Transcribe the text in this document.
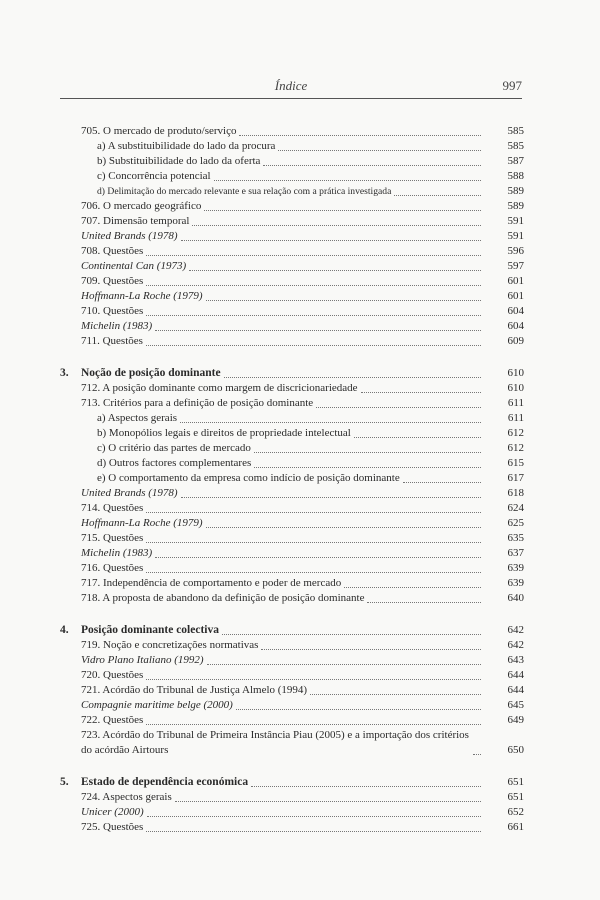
Índice	997
705. O mercado de produto/serviço	585
a) A substituibilidade do lado da procura	585
b) Substituibilidade do lado da oferta	587
c) Concorrência potencial	588
d) Delimitação do mercado relevante e sua relação com a prática investigada	589
706. O mercado geográfico	589
707. Dimensão temporal	591
United Brands (1978)	591
708. Questões	596
Continental Can (1973)	597
709. Questões	601
Hoffmann-La Roche (1979)	601
710. Questões	604
Michelin (1983)	604
711. Questões	609
3. Noção de posição dominante	610
712. A posição dominante como margem de discricionariedade	610
713. Critérios para a definição de posição dominante	611
a) Aspectos gerais	611
b) Monopólios legais e direitos de propriedade intelectual	612
c) O critério das partes de mercado	612
d) Outros factores complementares	615
e) O comportamento da empresa como indício de posição dominante	617
United Brands (1978)	618
714. Questões	624
Hoffmann-La Roche (1979)	625
715. Questões	635
Michelin (1983)	637
716. Questões	639
717. Independência de comportamento e poder de mercado	639
718. A proposta de abandono da definição de posição dominante	640
4. Posição dominante colectiva	642
719. Noção e concretizações normativas	642
Vidro Plano Italiano (1992)	643
720. Questões	644
721. Acórdão do Tribunal de Justiça Almelo (1994)	644
Compagnie maritime belge (2000)	645
722. Questões	649
723. Acórdão do Tribunal de Primeira Instância Piau (2005) e a importação dos critérios do acórdão Airtours	650
5. Estado de dependência económica	651
724. Aspectos gerais	651
Unicer (2000)	652
725. Questões	661
